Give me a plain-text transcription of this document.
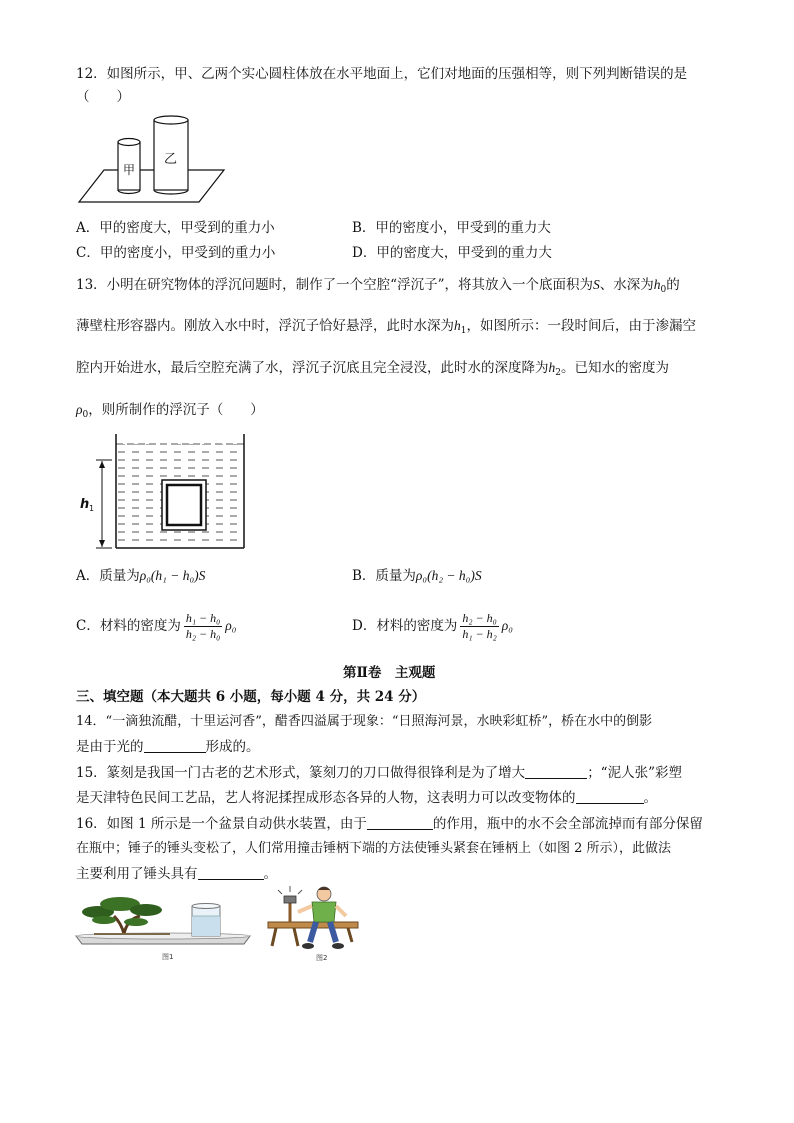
12．如图所示，甲、乙两个实心圆柱体放在水平地面上，它们对地面的压强相等，则下列判断错误的是
（　　）
甲
乙
A．甲的密度大，甲受到的重力小	B．甲的密度小，甲受到的重力大
C．甲的密度小，甲受到的重力小	D．甲的密度大，甲受到的重力大
13．小明在研究物体的浮沉问题时，制作了一个空腔“浮沉子”，将其放入一个底面积为S、水深为$h_0$的
薄壁柱形容器内。刚放入水中时，浮沉子恰好悬浮，此时水深为$h_1$，如图所示：一段时间后，由于渗漏空
腔内开始进水，最后空腔充满了水，浮沉子沉底且完全浸没，此时水的深度降为$h_2$。已知水的密度为
$\rho_0$，则所制作的浮沉子（　　）
h 1
A．质量为ρ₀(h₁ − h₀)S	B．质量为ρ₀(h₂ − h₀)S
C．材料的密度为 $\frac{\text{h₁ − h₀}}{\text{h₂ − h₀}} \rho_0$	D．材料的密度为 $\frac{\text{h₂ − h₀}}{\text{h₁ − h₂}} \rho_0$
第Ⅱ卷　主观题
三、填空题（本大题共 6 小题，每小题 4 分，共 24 分）
14．“一滴独流醋，十里运河香”，醋香四溢属于现象：“日照海河景，水映彩虹桥”，桥在水中的倒影
是由于光的	形成的。
15．篆刻是我国一门古老的艺术形式，篆刻刀的刀口做得很锋利是为了增大	；“泥人张”彩塑
是天津特色民间工艺品，艺人将泥揉捏成形态各异的人物，这表明力可以改变物体的	。
16．如图 1 所示是一个盆景自动供水装置，由于	的作用，瓶中的水不会全部流掉而有部分保留
在瓶中；锤子的锤头变松了，人们常用撞击锤柄下端的方法使锤头紧套在锤柄上（如图 2 所示），此做法
主要利用了锤头具有	。
图1	图2
